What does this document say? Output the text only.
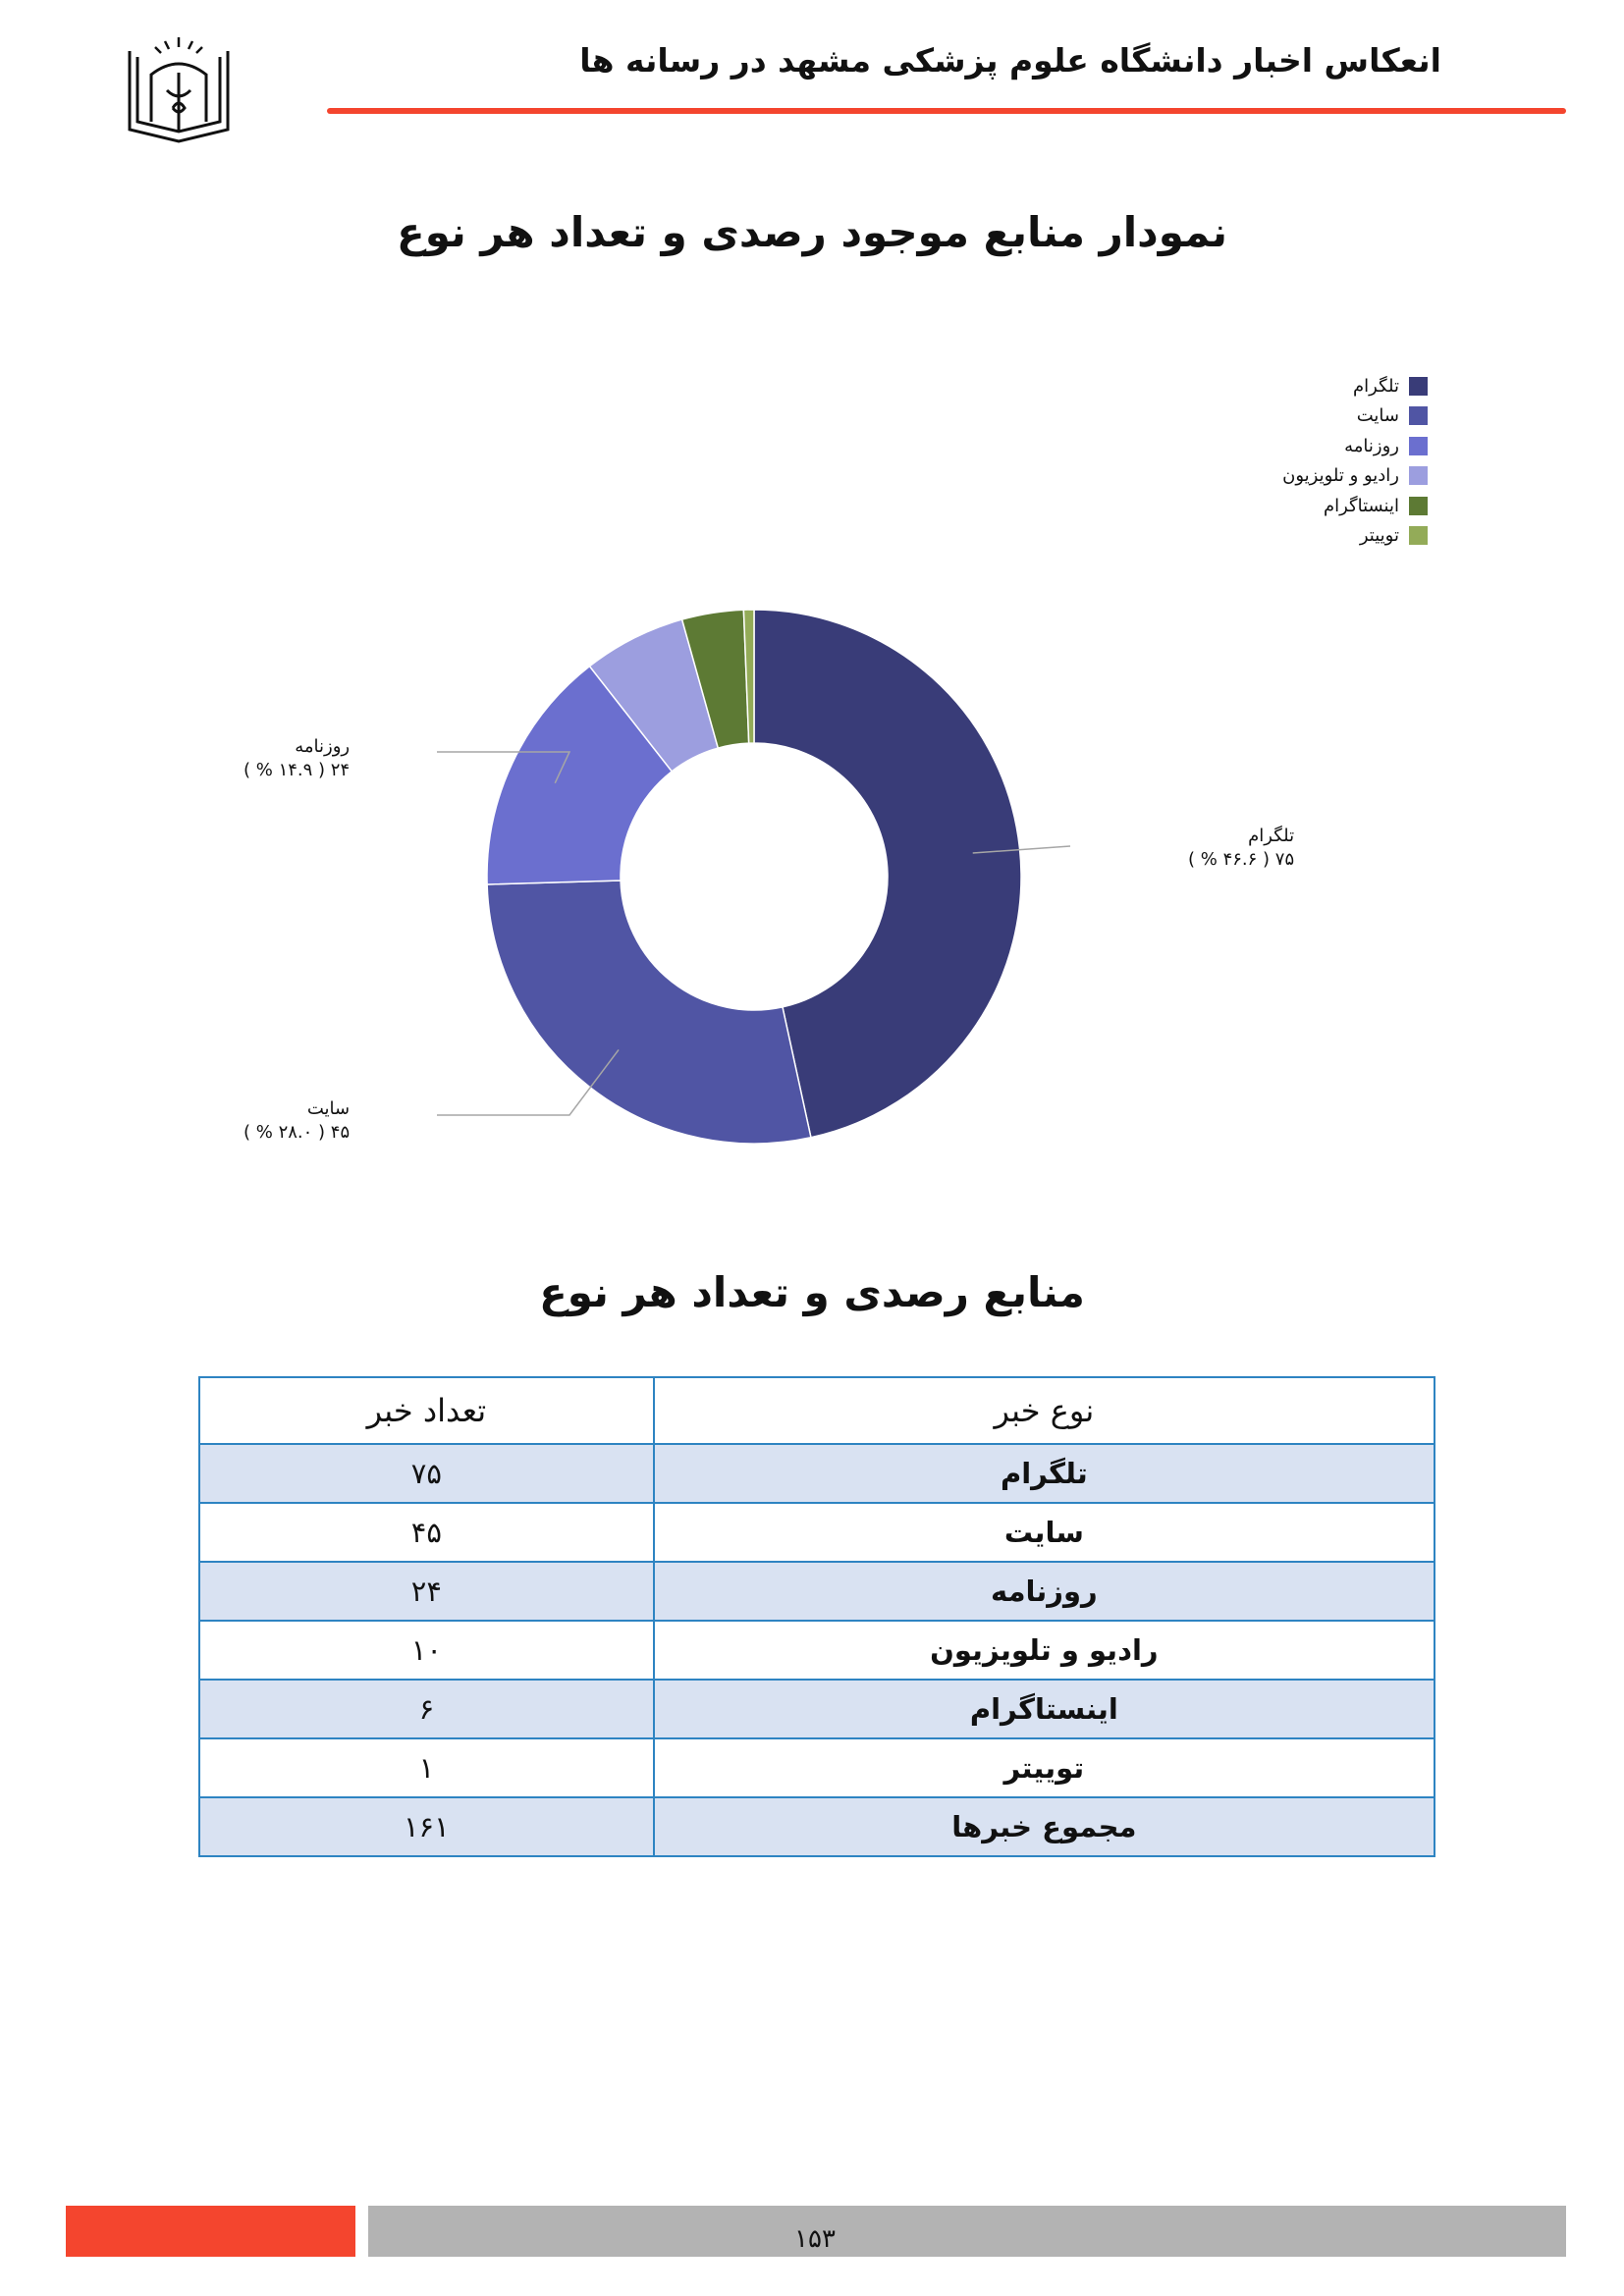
انعکاس اخبار دانشگاه علوم پزشکی مشهد در رسانه ها
نمودار منابع موجود رصدی و تعداد هر نوع
تلگرام
سایت
روزنامه
رادیو و تلویزیون
اینستاگرام
توییتر
تلگرام
۷۵ ( ۴۶.۶ % )
روزنامه
۲۴ ( ۱۴.۹ % )
سایت
۴۵ ( ۲۸.۰ % )
منابع رصدی و تعداد هر نوع
نوع خبر	تعداد خبر
تلگرام	۷۵
سایت	۴۵
روزنامه	۲۴
رادیو و تلویزیون	۱۰
اینستاگرام	۶
توییتر	۱
مجموع خبرها	۱۶۱
۱۵۳
